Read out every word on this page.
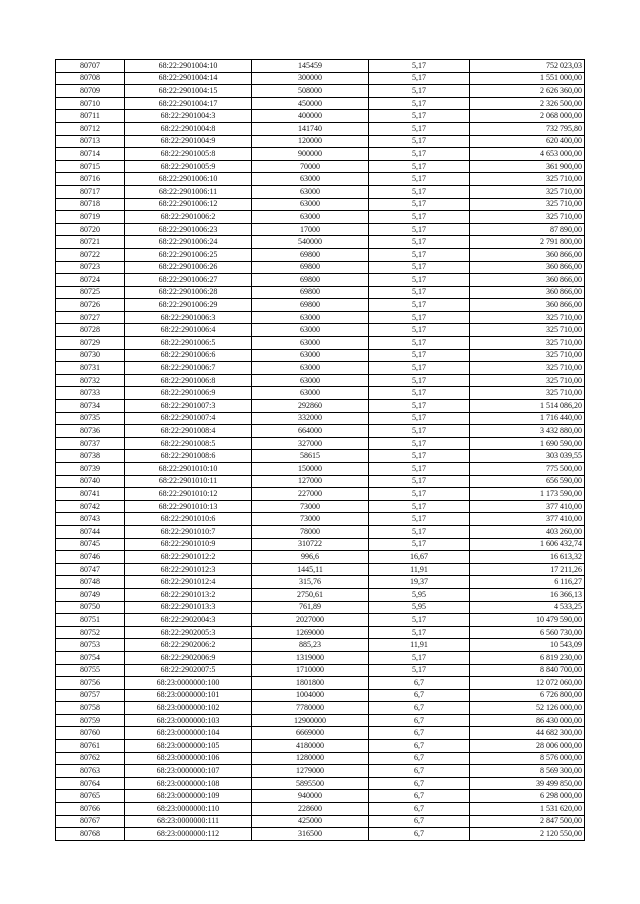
80707	68:22:2901004:10	145459	5,17	752 023,03
80708	68:22:2901004:14	300000	5,17	1 551 000,00
80709	68:22:2901004:15	508000	5,17	2 626 360,00
80710	68:22:2901004:17	450000	5,17	2 326 500,00
80711	68:22:2901004:3	400000	5,17	2 068 000,00
80712	68:22:2901004:8	141740	5,17	732 795,80
80713	68:22:2901004:9	120000	5,17	620 400,00
80714	68:22:2901005:8	900000	5,17	4 653 000,00
80715	68:22:2901005:9	70000	5,17	361 900,00
80716	68:22:2901006:10	63000	5,17	325 710,00
80717	68:22:2901006:11	63000	5,17	325 710,00
80718	68:22:2901006:12	63000	5,17	325 710,00
80719	68:22:2901006:2	63000	5,17	325 710,00
80720	68:22:2901006:23	17000	5,17	87 890,00
80721	68:22:2901006:24	540000	5,17	2 791 800,00
80722	68:22:2901006:25	69800	5,17	360 866,00
80723	68:22:2901006:26	69800	5,17	360 866,00
80724	68:22:2901006:27	69800	5,17	360 866,00
80725	68:22:2901006:28	69800	5,17	360 866,00
80726	68:22:2901006:29	69800	5,17	360 866,00
80727	68:22:2901006:3	63000	5,17	325 710,00
80728	68:22:2901006:4	63000	5,17	325 710,00
80729	68:22:2901006:5	63000	5,17	325 710,00
80730	68:22:2901006:6	63000	5,17	325 710,00
80731	68:22:2901006:7	63000	5,17	325 710,00
80732	68:22:2901006:8	63000	5,17	325 710,00
80733	68:22:2901006:9	63000	5,17	325 710,00
80734	68:22:2901007:3	292860	5,17	1 514 086,20
80735	68:22:2901007:4	332000	5,17	1 716 440,00
80736	68:22:2901008:4	664000	5,17	3 432 880,00
80737	68:22:2901008:5	327000	5,17	1 690 590,00
80738	68:22:2901008:6	58615	5,17	303 039,55
80739	68:22:2901010:10	150000	5,17	775 500,00
80740	68:22:2901010:11	127000	5,17	656 590,00
80741	68:22:2901010:12	227000	5,17	1 173 590,00
80742	68:22:2901010:13	73000	5,17	377 410,00
80743	68:22:2901010:6	73000	5,17	377 410,00
80744	68:22:2901010:7	78000	5,17	403 260,00
80745	68:22:2901010:9	310722	5,17	1 606 432,74
80746	68:22:2901012:2	996,6	16,67	16 613,32
80747	68:22:2901012:3	1445,11	11,91	17 211,26
80748	68:22:2901012:4	315,76	19,37	6 116,27
80749	68:22:2901013:2	2750,61	5,95	16 366,13
80750	68:22:2901013:3	761,89	5,95	4 533,25
80751	68:22:2902004:3	2027000	5,17	10 479 590,00
80752	68:22:2902005:3	1269000	5,17	6 560 730,00
80753	68:22:2902006:2	885,23	11,91	10 543,09
80754	68:22:2902006:9	1319000	5,17	6 819 230,00
80755	68:22:2902007:5	1710000	5,17	8 840 700,00
80756	68:23:0000000:100	1801800	6,7	12 072 060,00
80757	68:23:0000000:101	1004000	6,7	6 726 800,00
80758	68:23:0000000:102	7780000	6,7	52 126 000,00
80759	68:23:0000000:103	12900000	6,7	86 430 000,00
80760	68:23:0000000:104	6669000	6,7	44 682 300,00
80761	68:23:0000000:105	4180000	6,7	28 006 000,00
80762	68:23:0000000:106	1280000	6,7	8 576 000,00
80763	68:23:0000000:107	1279000	6,7	8 569 300,00
80764	68:23:0000000:108	5895500	6,7	39 499 850,00
80765	68:23:0000000:109	940000	6,7	6 298 000,00
80766	68:23:0000000:110	228600	6,7	1 531 620,00
80767	68:23:0000000:111	425000	6,7	2 847 500,00
80768	68:23:0000000:112	316500	6,7	2 120 550,00
